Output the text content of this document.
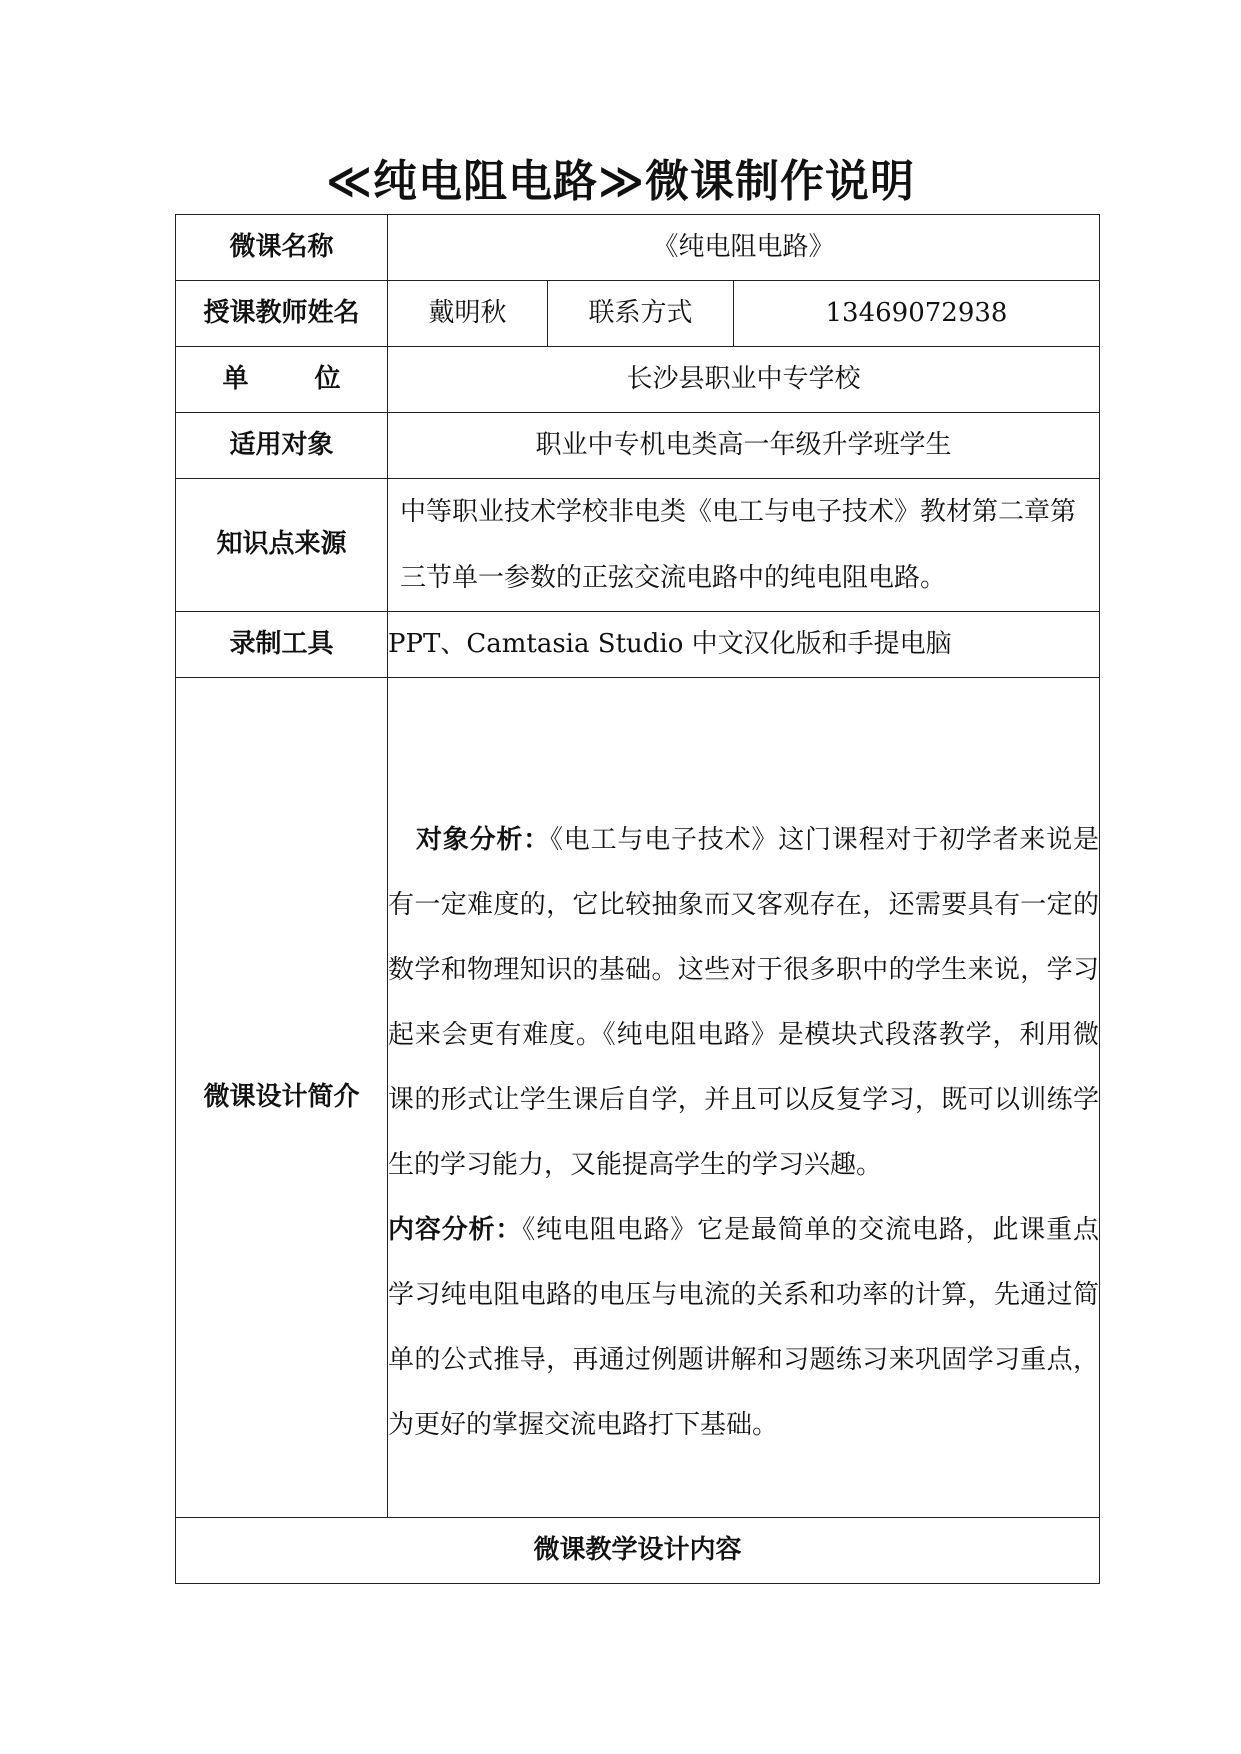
≪纯电阻电路≫微课制作说明
微课名称	《纯电阻电路》		
授课教师姓名	戴明秋	联系方式	13469072938
单 位	长沙县职业中专学校		
适用对象	职业中专机电类高一年级升学班学生		
知识点来源	中等职业技术学校非电类《电工与电子技术》教材第二章第三节单一参数的正弦交流电路中的纯电阻电路。		

录制工具	PPT、Camtasia Studio 中文汉化版和手提电脑		
微课设计简介	对象分析：《电工与电子技术》这门课程对于初学者来说是有一定难度的，它比较抽象而又客观存在，还需要具有一定的数学和物理知识的基础。这些对于很多职中的学生来说，学习起来会更有难度。《纯电阻电路》是模块式段落教学，利用微课的形式让学生课后自学，并且可以反复学习，既可以训练学生的学习能力，又能提高学生的学习兴趣。

内容分析：《纯电阻电路》它是最简单的交流电路，此课重点学习纯电阻电路的电压与电流的关系和功率的计算，先通过简单的公式推导，再通过例题讲解和习题练习来巩固学习重点，为更好的掌握交流电路打下基础。		

微课教学设计内容			
